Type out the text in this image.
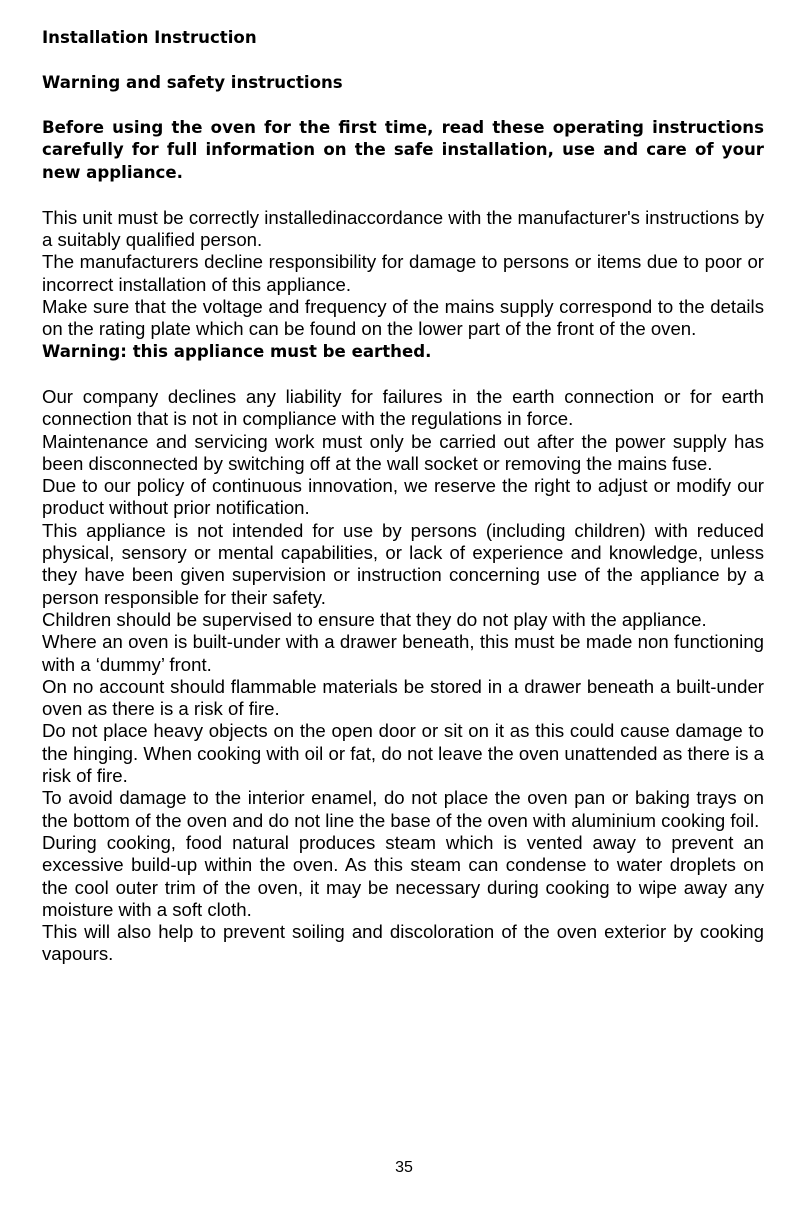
Installation Instruction

Warning and safety instructions

Before using the oven for the first time, read these operating instructions carefully for full information on the safe installation, use and care of your new appliance.

This unit must be correctly installedinaccordance with the manufacturer's instructions by a suitably qualified person.

The manufacturers decline responsibility for damage to persons or items due to poor or incorrect installation of this appliance.

Make sure that the voltage and frequency of the mains supply correspond to the details on the rating plate which can be found on the lower part of the front of the oven.

Warning: this appliance must be earthed.

Our company declines any liability for failures in the earth connection or for earth connection that is not in compliance with the regulations in force.

Maintenance and servicing work must only be carried out after the power supply has been disconnected by switching off at the wall socket or removing the mains fuse.

Due to our policy of continuous innovation, we reserve the right to adjust or modify our product without prior notification.

This appliance is not intended for use by persons (including children) with reduced physical, sensory or mental capabilities, or lack of experience and knowledge, unless they have been given supervision or instruction concerning use of the appliance by a person responsible for their safety.

Children should be supervised to ensure that they do not play with the appliance.

Where an oven is built-under with a drawer beneath, this must be made non functioning with a ‘dummy’ front.

On no account should flammable materials be stored in a drawer beneath a built-under oven as there is a risk of fire.

Do not place heavy objects on the open door or sit on it as this could cause damage to the hinging. When cooking with oil or fat, do not leave the oven unattended as there is a risk of fire.

To avoid damage to the interior enamel, do not place the oven pan or baking trays on the bottom of the oven and do not line the base of the oven with aluminium cooking foil.

During cooking, food natural produces steam which is vented away to prevent an excessive build-up within the oven. As this steam can condense to water droplets on the cool outer trim of the oven, it may be necessary during cooking to wipe away any moisture with a soft cloth.

This will also help to prevent soiling and discoloration of the oven exterior by cooking vapours.

35
